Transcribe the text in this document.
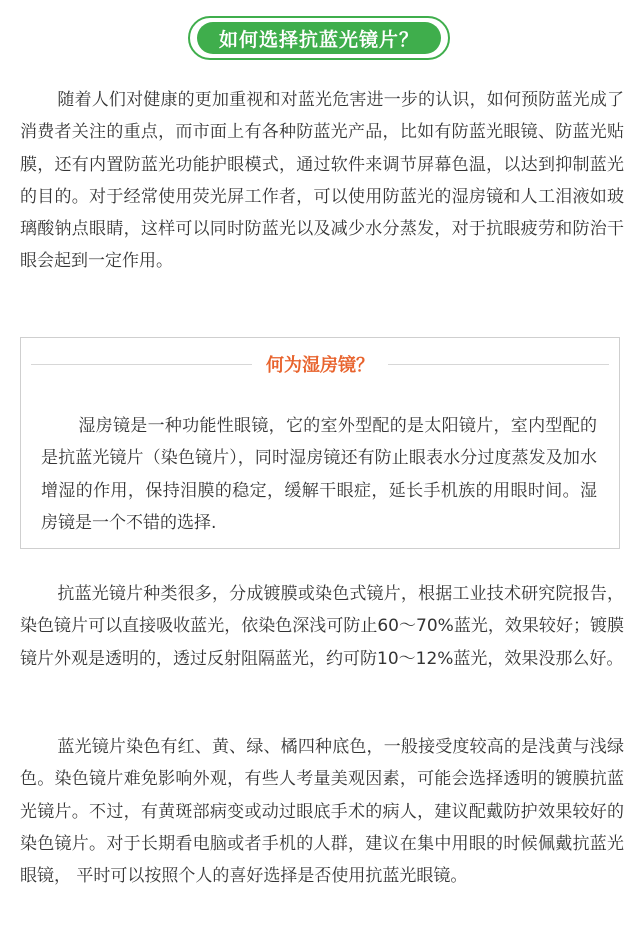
如何选择抗蓝光镜片？

随着人们对健康的更加重视和对蓝光危害进一步的认识，如何预防蓝光成了消费者关注的重点，而市面上有各种防蓝光产品，比如有防蓝光眼镜、防蓝光贴膜，还有内置防蓝光功能护眼模式，通过软件来调节屏幕色温，以达到抑制蓝光的目的。对于经常使用荧光屏工作者，可以使用防蓝光的湿房镜和人工泪液如玻璃酸钠点眼睛，这样可以同时防蓝光以及减少水分蒸发，对于抗眼疲劳和防治干眼会起到一定作用。

何为湿房镜？

湿房镜是一种功能性眼镜，它的室外型配的是太阳镜片，室内型配的是抗蓝光镜片（染色镜片），同时湿房镜还有防止眼表水分过度蒸发及加水增湿的作用，保持泪膜的稳定，缓解干眼症，延长手机族的用眼时间。湿房镜是一个不错的选择.

抗蓝光镜片种类很多，分成镀膜或染色式镜片，根据工业技术研究院报告，染色镜片可以直接吸收蓝光，依染色深浅可防止60～70%蓝光，效果较好；镀膜镜片外观是透明的，透过反射阻隔蓝光，约可防10～12%蓝光，效果没那么好。

蓝光镜片染色有红、黄、绿、橘四种底色，一般接受度较高的是浅黄与浅绿色。染色镜片难免影响外观，有些人考量美观因素，可能会选择透明的镀膜抗蓝光镜片。不过，有黄斑部病变或动过眼底手术的病人，建议配戴防护效果较好的染色镜片。对于长期看电脑或者手机的人群，建议在集中用眼的时候佩戴抗蓝光眼镜， 平时可以按照个人的喜好选择是否使用抗蓝光眼镜。
